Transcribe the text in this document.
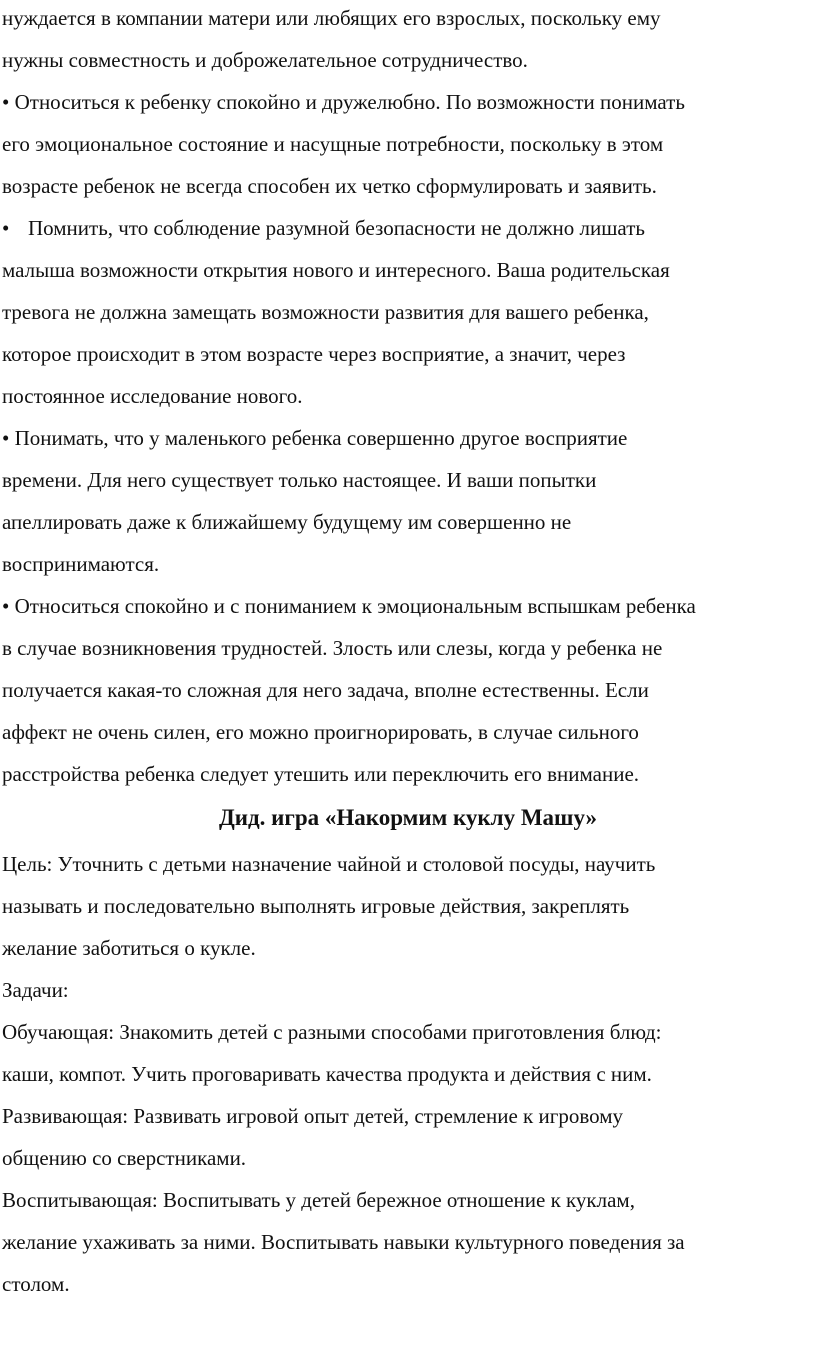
нуждается в компании матери или любящих его взрослых, поскольку ему
нужны совместность и доброжелательное сотрудничество.
• Относиться к ребенку спокойно и дружелюбно. По возможности понимать
его эмоциональное состояние и насущные потребности, поскольку в этом
возрасте ребенок не всегда способен их четко сформулировать и заявить.
• Помнить, что соблюдение разумной безопасности не должно лишать
малыша возможности открытия нового и интересного. Ваша родительская
тревога не должна замещать возможности развития для вашего ребенка,
которое происходит в этом возрасте через восприятие, а значит, через
постоянное исследование нового.
• Понимать, что у маленького ребенка совершенно другое восприятие
времени. Для него существует только настоящее. И ваши попытки
апеллировать даже к ближайшему будущему им совершенно не
воспринимаются.
• Относиться спокойно и с пониманием к эмоциональным вспышкам ребенка
в случае возникновения трудностей. Злость или слезы, когда у ребенка не
получается какая-то сложная для него задача, вполне естественны. Если
аффект не очень силен, его можно проигнорировать, в случае сильного
расстройства ребенка следует утешить или переключить его внимание.
Дид. игра «Накормим куклу Машу»
Цель: Уточнить с детьми назначение чайной и столовой посуды, научить
называть и последовательно выполнять игровые действия, закреплять
желание заботиться о кукле.
Задачи:
Обучающая: Знакомить детей с разными способами приготовления блюд:
каши, компот. Учить проговаривать качества продукта и действия с ним.
Развивающая: Развивать игровой опыт детей, стремление к игровому
общению со сверстниками.
Воспитывающая: Воспитывать у детей бережное отношение к куклам,
желание ухаживать за ними. Воспитывать навыки культурного поведения за
столом.
